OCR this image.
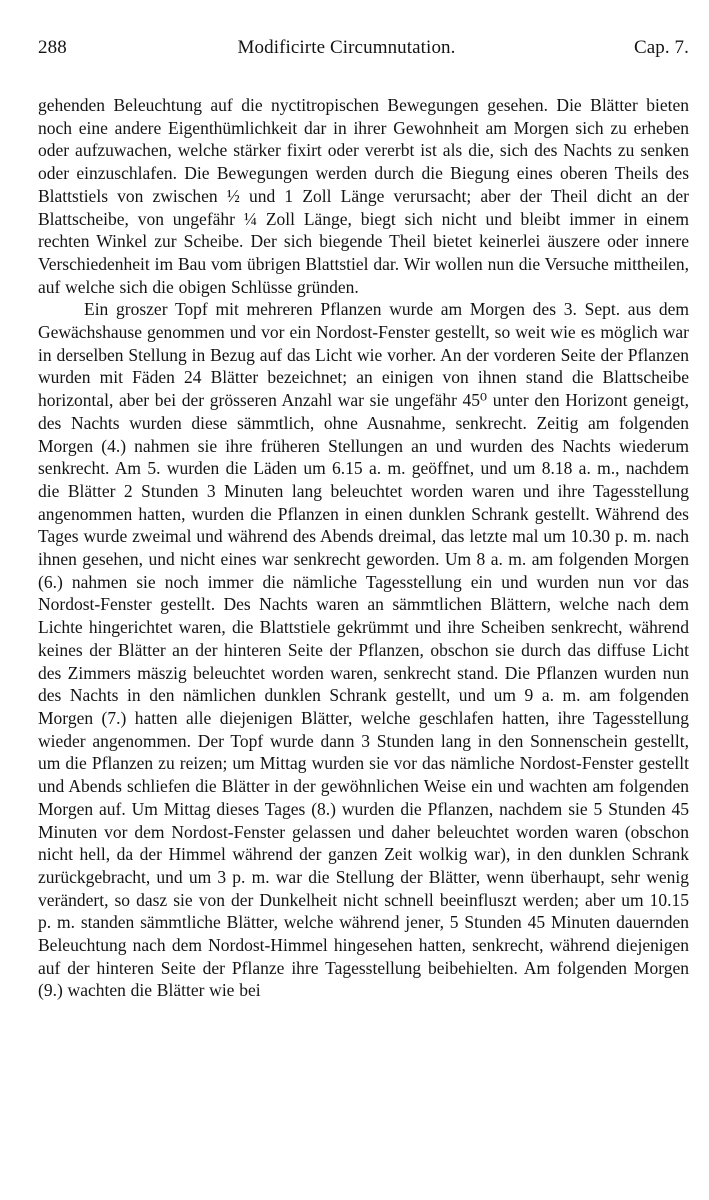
288	Modificirte Circumnutation.	Cap. 7.

gehenden Beleuchtung auf die nyctitropischen Bewegungen gesehen. Die Blätter bieten noch eine andere Eigenthümlichkeit dar in ihrer Gewohnheit am Morgen sich zu erheben oder aufzuwachen, welche stärker fixirt oder vererbt ist als die, sich des Nachts zu senken oder einzuschlafen. Die Bewegungen werden durch die Biegung eines oberen Theils des Blattstiels von zwischen ½ und 1 Zoll Länge verursacht; aber der Theil dicht an der Blattscheibe, von ungefähr ¼ Zoll Länge, biegt sich nicht und bleibt immer in einem rechten Winkel zur Scheibe. Der sich biegende Theil bietet keinerlei äuszere oder innere Verschiedenheit im Bau vom übrigen Blattstiel dar. Wir wollen nun die Versuche mittheilen, auf welche sich die obigen Schlüsse gründen.

Ein groszer Topf mit mehreren Pflanzen wurde am Morgen des 3. Sept. aus dem Gewächshause genommen und vor ein Nordost-Fenster gestellt, so weit wie es möglich war in derselben Stellung in Bezug auf das Licht wie vorher. An der vorderen Seite der Pflanzen wurden mit Fäden 24 Blätter bezeichnet; an einigen von ihnen stand die Blattscheibe horizontal, aber bei der grösseren Anzahl war sie ungefähr 45⁰ unter den Horizont geneigt, des Nachts wurden diese sämmtlich, ohne Ausnahme, senkrecht. Zeitig am folgenden Morgen (4.) nahmen sie ihre früheren Stellungen an und wurden des Nachts wiederum senkrecht. Am 5. wurden die Läden um 6.15 a. m. geöffnet, und um 8.18 a. m., nachdem die Blätter 2 Stunden 3 Minuten lang beleuchtet worden waren und ihre Tagesstellung angenommen hatten, wurden die Pflanzen in einen dunklen Schrank gestellt. Während des Tages wurde zweimal und während des Abends dreimal, das letzte mal um 10.30 p. m. nach ihnen gesehen, und nicht eines war senkrecht geworden. Um 8 a. m. am folgenden Morgen (6.) nahmen sie noch immer die nämliche Tagesstellung ein und wurden nun vor das Nordost-Fenster gestellt. Des Nachts waren an sämmtlichen Blättern, welche nach dem Lichte hingerichtet waren, die Blattstiele gekrümmt und ihre Scheiben senkrecht, während keines der Blätter an der hinteren Seite der Pflanzen, obschon sie durch das diffuse Licht des Zimmers mäszig beleuchtet worden waren, senkrecht stand. Die Pflanzen wurden nun des Nachts in den nämlichen dunklen Schrank gestellt, und um 9 a. m. am folgenden Morgen (7.) hatten alle diejenigen Blätter, welche geschlafen hatten, ihre Tagesstellung wieder angenommen. Der Topf wurde dann 3 Stunden lang in den Sonnenschein gestellt, um die Pflanzen zu reizen; um Mittag wurden sie vor das nämliche Nordost-Fenster gestellt und Abends schliefen die Blätter in der gewöhnlichen Weise ein und wachten am folgenden Morgen auf. Um Mittag dieses Tages (8.) wurden die Pflanzen, nachdem sie 5 Stunden 45 Minuten vor dem Nordost-Fenster gelassen und daher beleuchtet worden waren (obschon nicht hell, da der Himmel während der ganzen Zeit wolkig war), in den dunklen Schrank zurückgebracht, und um 3 p. m. war die Stellung der Blätter, wenn überhaupt, sehr wenig verändert, so dasz sie von der Dunkelheit nicht schnell beeinfluszt werden; aber um 10.15 p. m. standen sämmtliche Blätter, welche während jener, 5 Stunden 45 Minuten dauernden Beleuchtung nach dem Nordost-Himmel hingesehen hatten, senkrecht, während diejenigen auf der hinteren Seite der Pflanze ihre Tagesstellung beibehielten. Am folgenden Morgen (9.) wachten die Blätter wie bei
